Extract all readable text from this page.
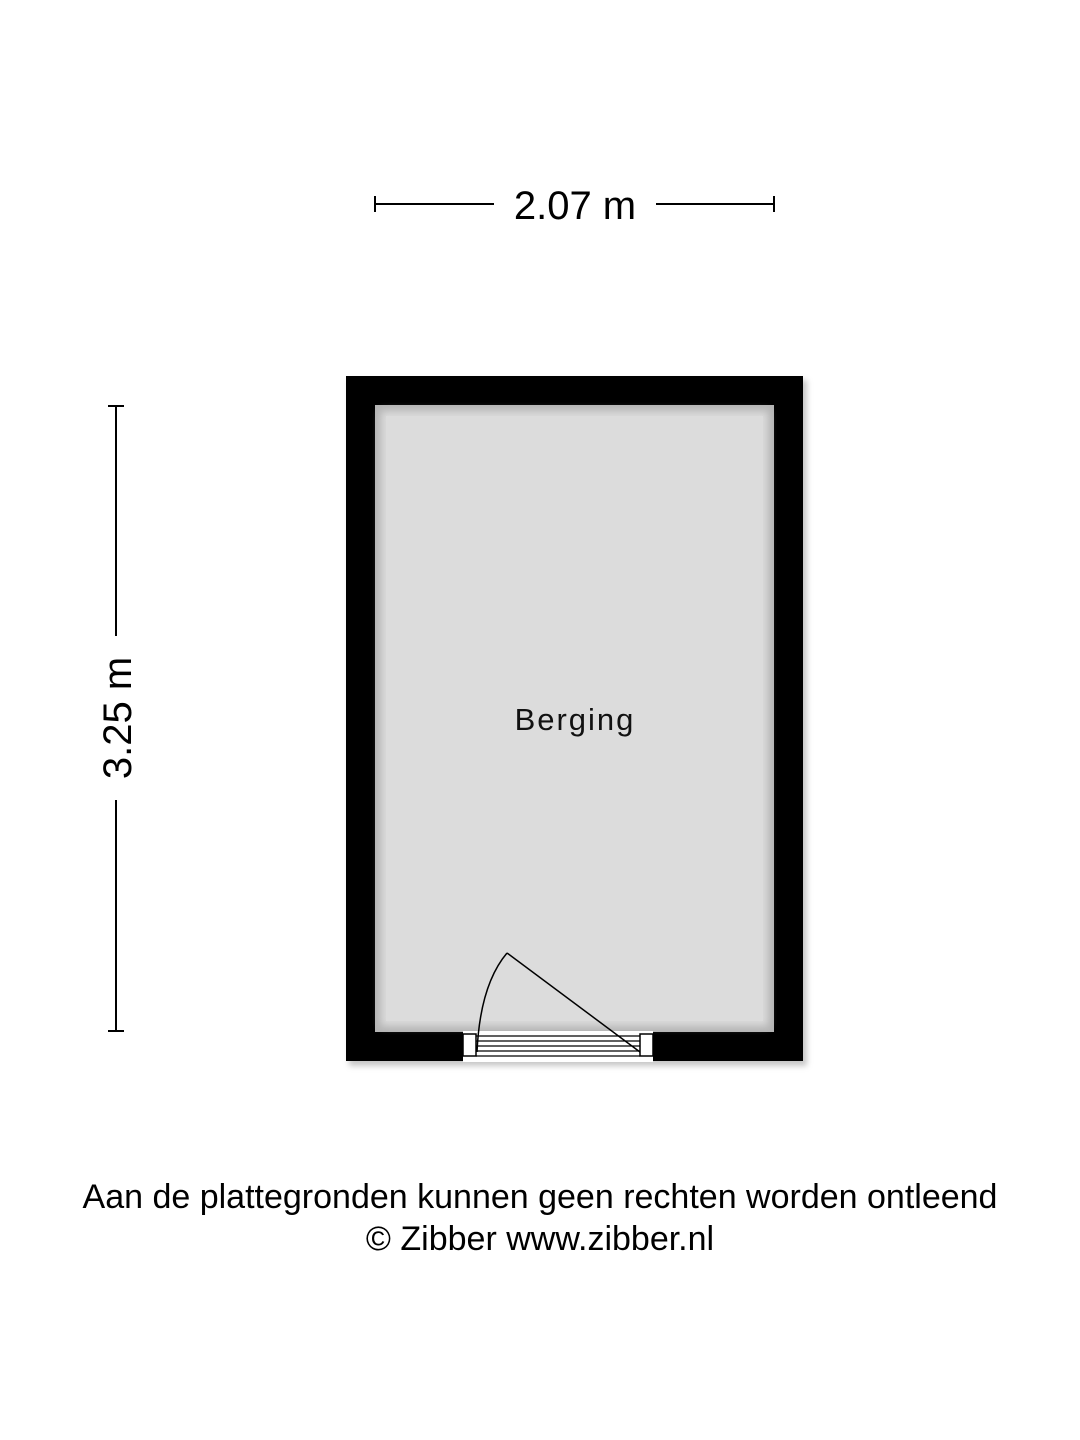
2.07 m
3.25 m	Berging
Aan de plattegronden kunnen geen rechten worden ontleend
© Zibber www.zibber.nl
